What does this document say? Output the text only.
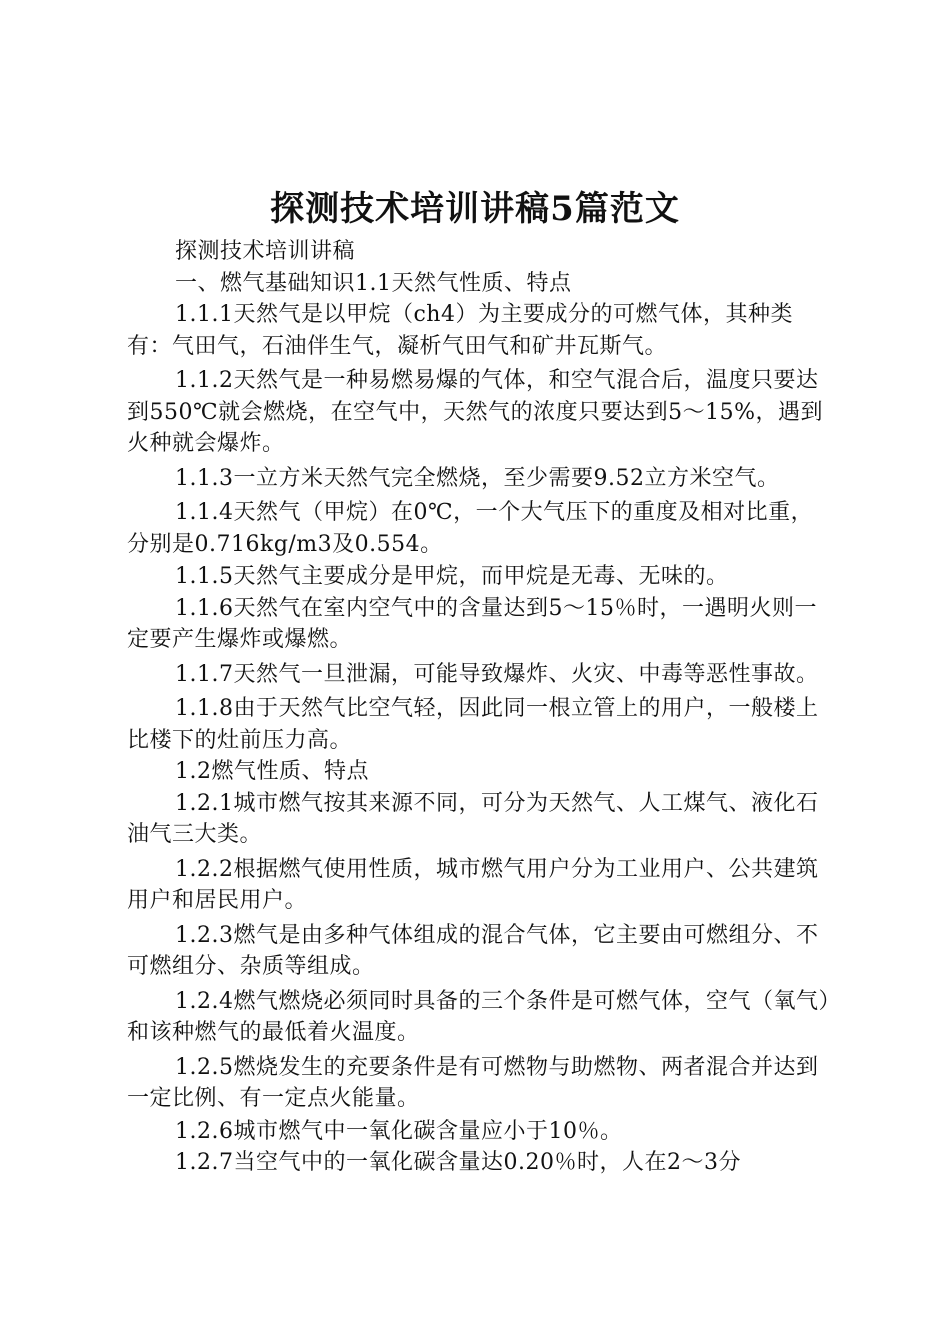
探测技术培训讲稿5篇范文

探测技术培训讲稿

一、燃气基础知识1.1天然气性质、特点

1.1.1天然气是以甲烷（ch4）为主要成分的可燃气体，其种类有：气田气，石油伴生气，凝析气田气和矿井瓦斯气。

1.1.2天然气是一种易燃易爆的气体，和空气混合后，温度只要达到550℃就会燃烧，在空气中，天然气的浓度只要达到5～15%，遇到火种就会爆炸。

1.1.3一立方米天然气完全燃烧，至少需要9.52立方米空气。

1.1.4天然气（甲烷）在0℃，一个大气压下的重度及相对比重，分别是0.716kg/m3及0.554。

1.1.5天然气主要成分是甲烷，而甲烷是无毒、无味的。

1.1.6天然气在室内空气中的含量达到5～15％时，一遇明火则一定要产生爆炸或爆燃。

1.1.7天然气一旦泄漏，可能导致爆炸、火灾、中毒等恶性事故。

1.1.8由于天然气比空气轻，因此同一根立管上的用户，一般楼上比楼下的灶前压力高。

1.2燃气性质、特点

1.2.1城市燃气按其来源不同，可分为天然气、人工煤气、液化石油气三大类。

1.2.2根据燃气使用性质，城市燃气用户分为工业用户、公共建筑用户和居民用户。

1.2.3燃气是由多种气体组成的混合气体，它主要由可燃组分、不可燃组分、杂质等组成。

1.2.4燃气燃烧必须同时具备的三个条件是可燃气体，空气（氧气）和该种燃气的最低着火温度。

1.2.5燃烧发生的充要条件是有可燃物与助燃物、两者混合并达到一定比例、有一定点火能量。

1.2.6城市燃气中一氧化碳含量应小于10％。

1.2.7当空气中的一氧化碳含量达0.20％时，人在2～3分
